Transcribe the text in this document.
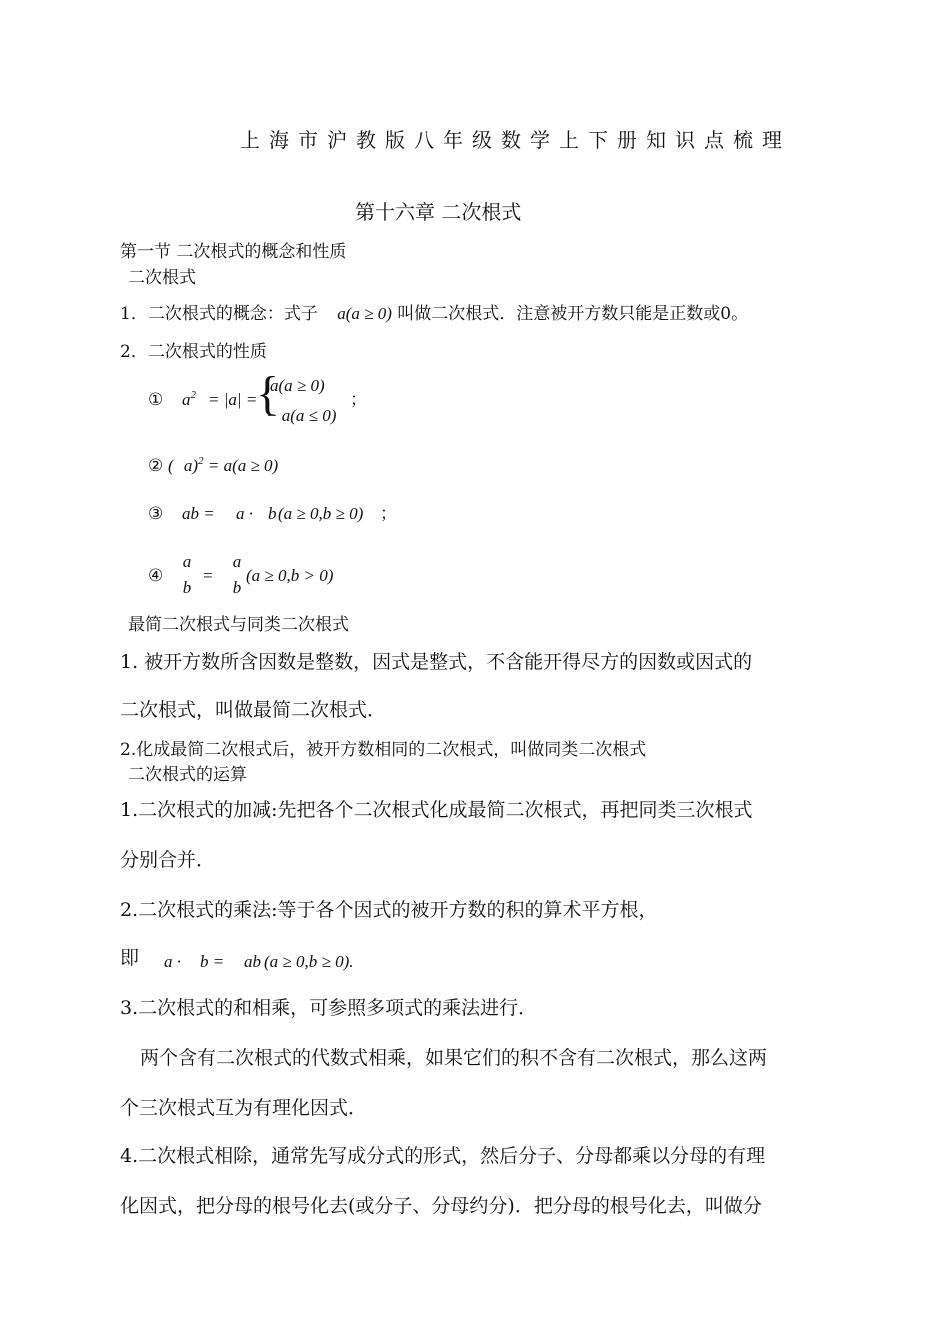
上海市沪教版八年级数学上下册知识点梳理
第十六章 二次根式
第一节 二次根式的概念和性质
二次根式
1．二次根式的概念：式子 a(a ≥ 0) 叫做二次根式．注意被开方数只能是正数或0。
2．二次根式的性质
① $a^2 = |a|$ =
{
a(a ≥ 0)
− a(a ≤ 0)
；
② ( a)$^2$ = a(a ≥ 0)
③ ab = a · b (a ≥ 0,b ≥ 0) ；
④
a
b
=
a
b
(a ≥ 0,b > 0)
最简二次根式与同类二次根式
1. 被开方数所含因数是整数，因式是整式，不含能开得尽方的因数或因式的
二次根式，叫做最简二次根式．
2.化成最简二次根式后，被开方数相同的二次根式，叫做同类二次根式
二次根式的运算
1.二次根式的加减:先把各个二次根式化成最简二次根式，再把同类三次根式
分别合并．
2.二次根式的乘法:等于各个因式的被开方数的积的算术平方根，
即 a · b = ab (a ≥ 0,b ≥ 0).
3.二次根式的和相乘，可参照多项式的乘法进行．
两个含有二次根式的代数式相乘，如果它们的积不含有二次根式，那么这两
个三次根式互为有理化因式．
4.二次根式相除，通常先写成分式的形式，然后分子、分母都乘以分母的有理
化因式，把分母的根号化去(或分子、分母约分)．把分母的根号化去，叫做分
